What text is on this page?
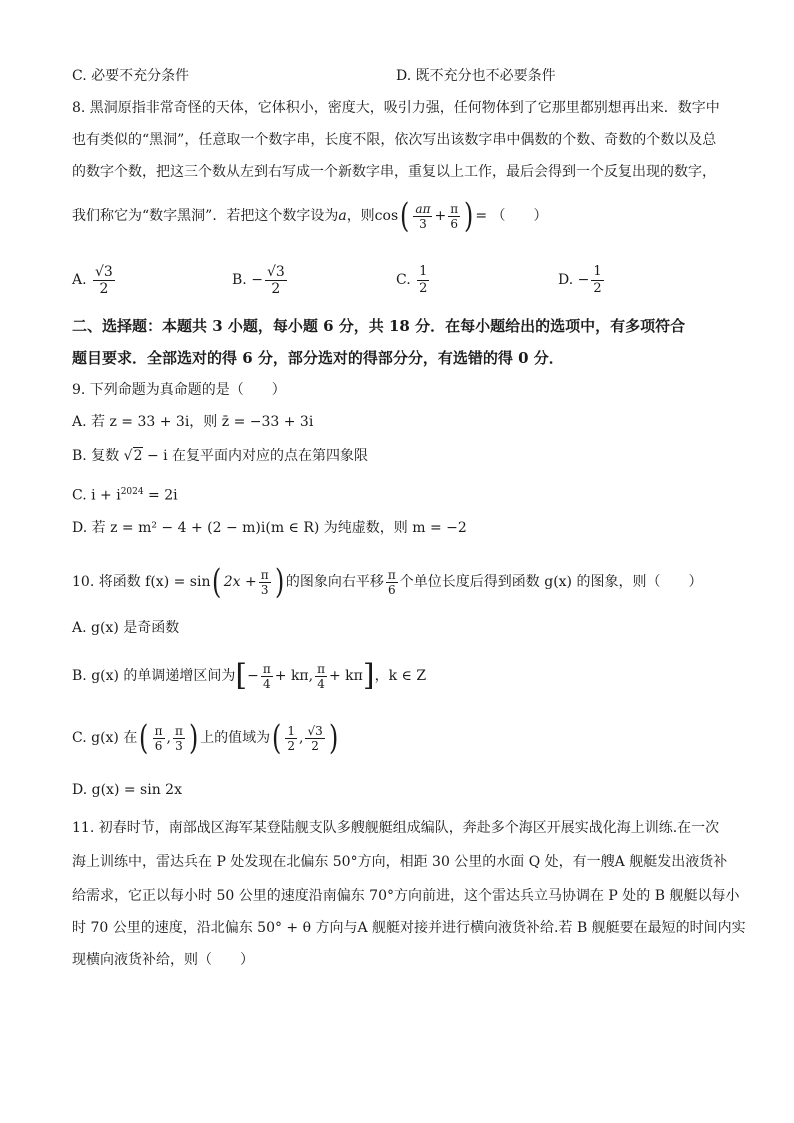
C. 必要不充分条件	D. 既不充分也不必要条件
8. 黑洞原指非常奇怪的天体，它体积小，密度大，吸引力强，任何物体到了它那里都别想再出来．数字中
也有类似的“黑洞”，任意取一个数字串，长度不限，依次写出该数字串中偶数的个数、奇数的个数以及总
的数字个数，把这三个数从左到右写成一个新数字串，重复以上工作，最后会得到一个反复出现的数字，
我们称它为“数字黑洞”．若把这个数字设为a，则$\cos( \frac{a\pi}{3} + \frac{\pi}{6}$ ) = （　　）
A. $\frac{√3}{2}$	B. − $\frac{√3}{2}$	C. $\frac{1}{2}$	D. − $\frac{1}{2}$
二、选择题：本题共 3 小题，每小题 6 分，共 18 分．在每小题给出的选项中，有多项符合
题目要求．全部选对的得 6 分，部分选对的得部分分，有选错的得 0 分．
9. 下列命题为真命题的是（　　）
A. 若 z = 33 + 3i，则 z̄ = −33 + 3i
B. 复数 √2 − i 在复平面内对应的点在第四象限
C. $i + i^{2024} = 2i$
D. 若 z = m² − 4 + (2 − m)i(m ∈ R) 为纯虚数，则 m = −2
10. 将函数 f(x) = sin( $2x + \frac{\pi}{3}$ ) 的图象向右平移 $\frac{\pi}{6}$ 个单位长度后得到函数 g(x) 的图象，则（　　）
A. g(x) 是奇函数
B. g(x) 的单调递增区间为[− $\frac{\pi}{4} + k\pi$, $\frac{\pi}{4} + k\pi$]，k ∈ Z
C. g(x) 在( $\frac{\pi}{6}$ , $\frac{\pi}{3}$ ) 上的值域为( $\frac{1}{2}$ , $\frac{√3}{2}$ )
D. g(x) = sin 2x
11. 初春时节，南部战区海军某登陆舰支队多艘舰艇组成编队，奔赴多个海区开展实战化海上训练.在一次
海上训练中，雷达兵在 P 处发现在北偏东 50°方向，相距 30 公里的水面 Q 处，有一艘A 舰艇发出液货补
给需求，它正以每小时 50 公里的速度沿南偏东 70°方向前进，这个雷达兵立马协调在 P 处的 B 舰艇以每小
时 70 公里的速度，沿北偏东 50° + θ 方向与A 舰艇对接并进行横向液货补给.若 B 舰艇要在最短的时间内实
现横向液货补给，则（　　）
